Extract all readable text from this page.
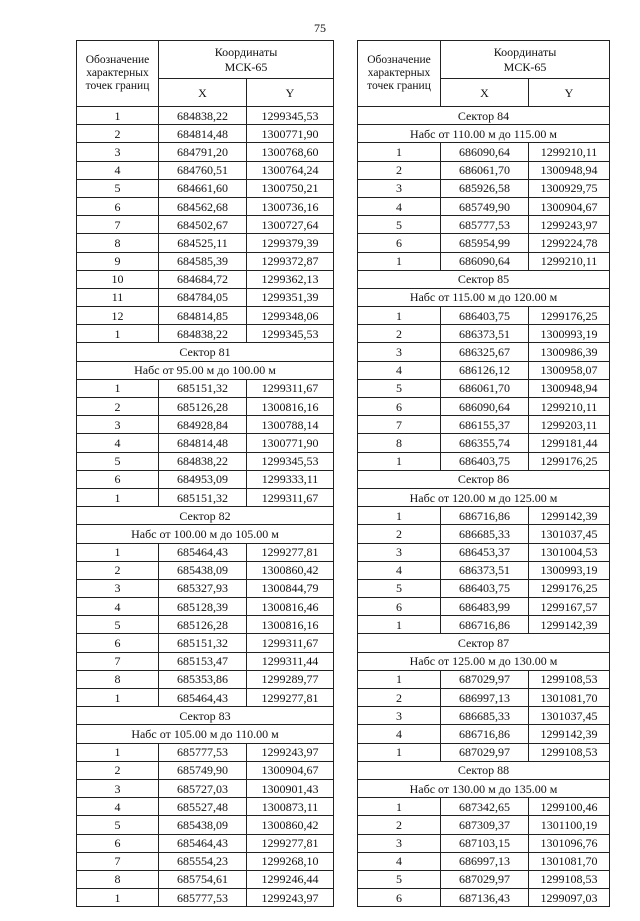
75
Обозначение характерных точек границ	Координаты
МСК-65	
	X	Y
1	684838,22	1299345,53
2	684814,48	1300771,90
3	684791,20	1300768,60
4	684760,51	1300764,24
5	684661,60	1300750,21
6	684562,68	1300736,16
7	684502,67	1300727,64
8	684525,11	1299379,39
9	684585,39	1299372,87
10	684684,72	1299362,13
11	684784,05	1299351,39
12	684814,85	1299348,06
1	684838,22	1299345,53
Сектор 81		
Набс от 95.00 м до 100.00 м		
1	685151,32	1299311,67
2	685126,28	1300816,16
3	684928,84	1300788,14
4	684814,48	1300771,90
5	684838,22	1299345,53
6	684953,09	1299333,11
1	685151,32	1299311,67
Сектор 82		
Набс от 100.00 м до 105.00 м		
1	685464,43	1299277,81
2	685438,09	1300860,42
3	685327,93	1300844,79
4	685128,39	1300816,46
5	685126,28	1300816,16
6	685151,32	1299311,67
7	685153,47	1299311,44
8	685353,86	1299289,77
1	685464,43	1299277,81
Сектор 83		
Набс от 105.00 м до 110.00 м		
1	685777,53	1299243,97
2	685749,90	1300904,67
3	685727,03	1300901,43
4	685527,48	1300873,11
5	685438,09	1300860,42
6	685464,43	1299277,81
7	685554,23	1299268,10
8	685754,61	1299246,44
1	685777,53	1299243,97
Обозначение характерных точек границ	Координаты
МСК-65	
	X	Y
Сектор 84		
Набс от 110.00 м до 115.00 м		
1	686090,64	1299210,11
2	686061,70	1300948,94
3	685926,58	1300929,75
4	685749,90	1300904,67
5	685777,53	1299243,97
6	685954,99	1299224,78
1	686090,64	1299210,11
Сектор 85		
Набс от 115.00 м до 120.00 м		
1	686403,75	1299176,25
2	686373,51	1300993,19
3	686325,67	1300986,39
4	686126,12	1300958,07
5	686061,70	1300948,94
6	686090,64	1299210,11
7	686155,37	1299203,11
8	686355,74	1299181,44
1	686403,75	1299176,25
Сектор 86		
Набс от 120.00 м до 125.00 м		
1	686716,86	1299142,39
2	686685,33	1301037,45
3	686453,37	1301004,53
4	686373,51	1300993,19
5	686403,75	1299176,25
6	686483,99	1299167,57
1	686716,86	1299142,39
Сектор 87		
Набс от 125.00 м до 130.00 м		
1	687029,97	1299108,53
2	686997,13	1301081,70
3	686685,33	1301037,45
4	686716,86	1299142,39
1	687029,97	1299108,53
Сектор 88		
Набс от 130.00 м до 135.00 м		
1	687342,65	1299100,46
2	687309,37	1301100,19
3	687103,15	1301096,76
4	686997,13	1301081,70
5	687029,97	1299108,53
6	687136,43	1299097,03
